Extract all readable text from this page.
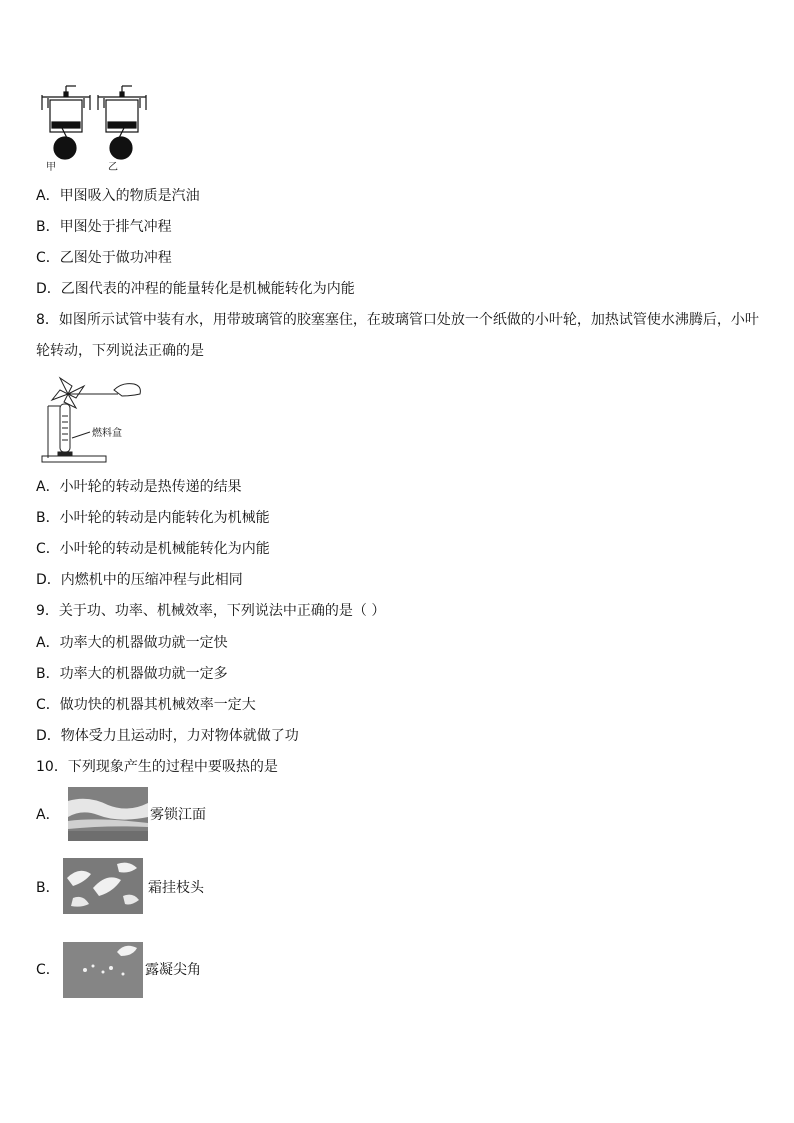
甲	乙
A．甲图吸入的物质是汽油
B．甲图处于排气冲程
C．乙图处于做功冲程
D．乙图代表的冲程的能量转化是机械能转化为内能
8．如图所示试管中装有水，用带玻璃管的胶塞塞住，在玻璃管口处放一个纸做的小叶轮，加热试管使水沸腾后，小叶
轮转动，下列说法正确的是
燃料盒
A．小叶轮的转动是热传递的结果
B．小叶轮的转动是内能转化为机械能
C．小叶轮的转动是机械能转化为内能
D．内燃机中的压缩冲程与此相同
9．关于功、功率、机械效率，下列说法中正确的是（ ）
A．功率大的机器做功就一定快
B．功率大的机器做功就一定多
C．做功快的机器其机械效率一定大
D．物体受力且运动时，力对物体就做了功
10．下列现象产生的过程中要吸热的是
A．	雾锁江面
B．	霜挂枝头
C．	露凝尖角
